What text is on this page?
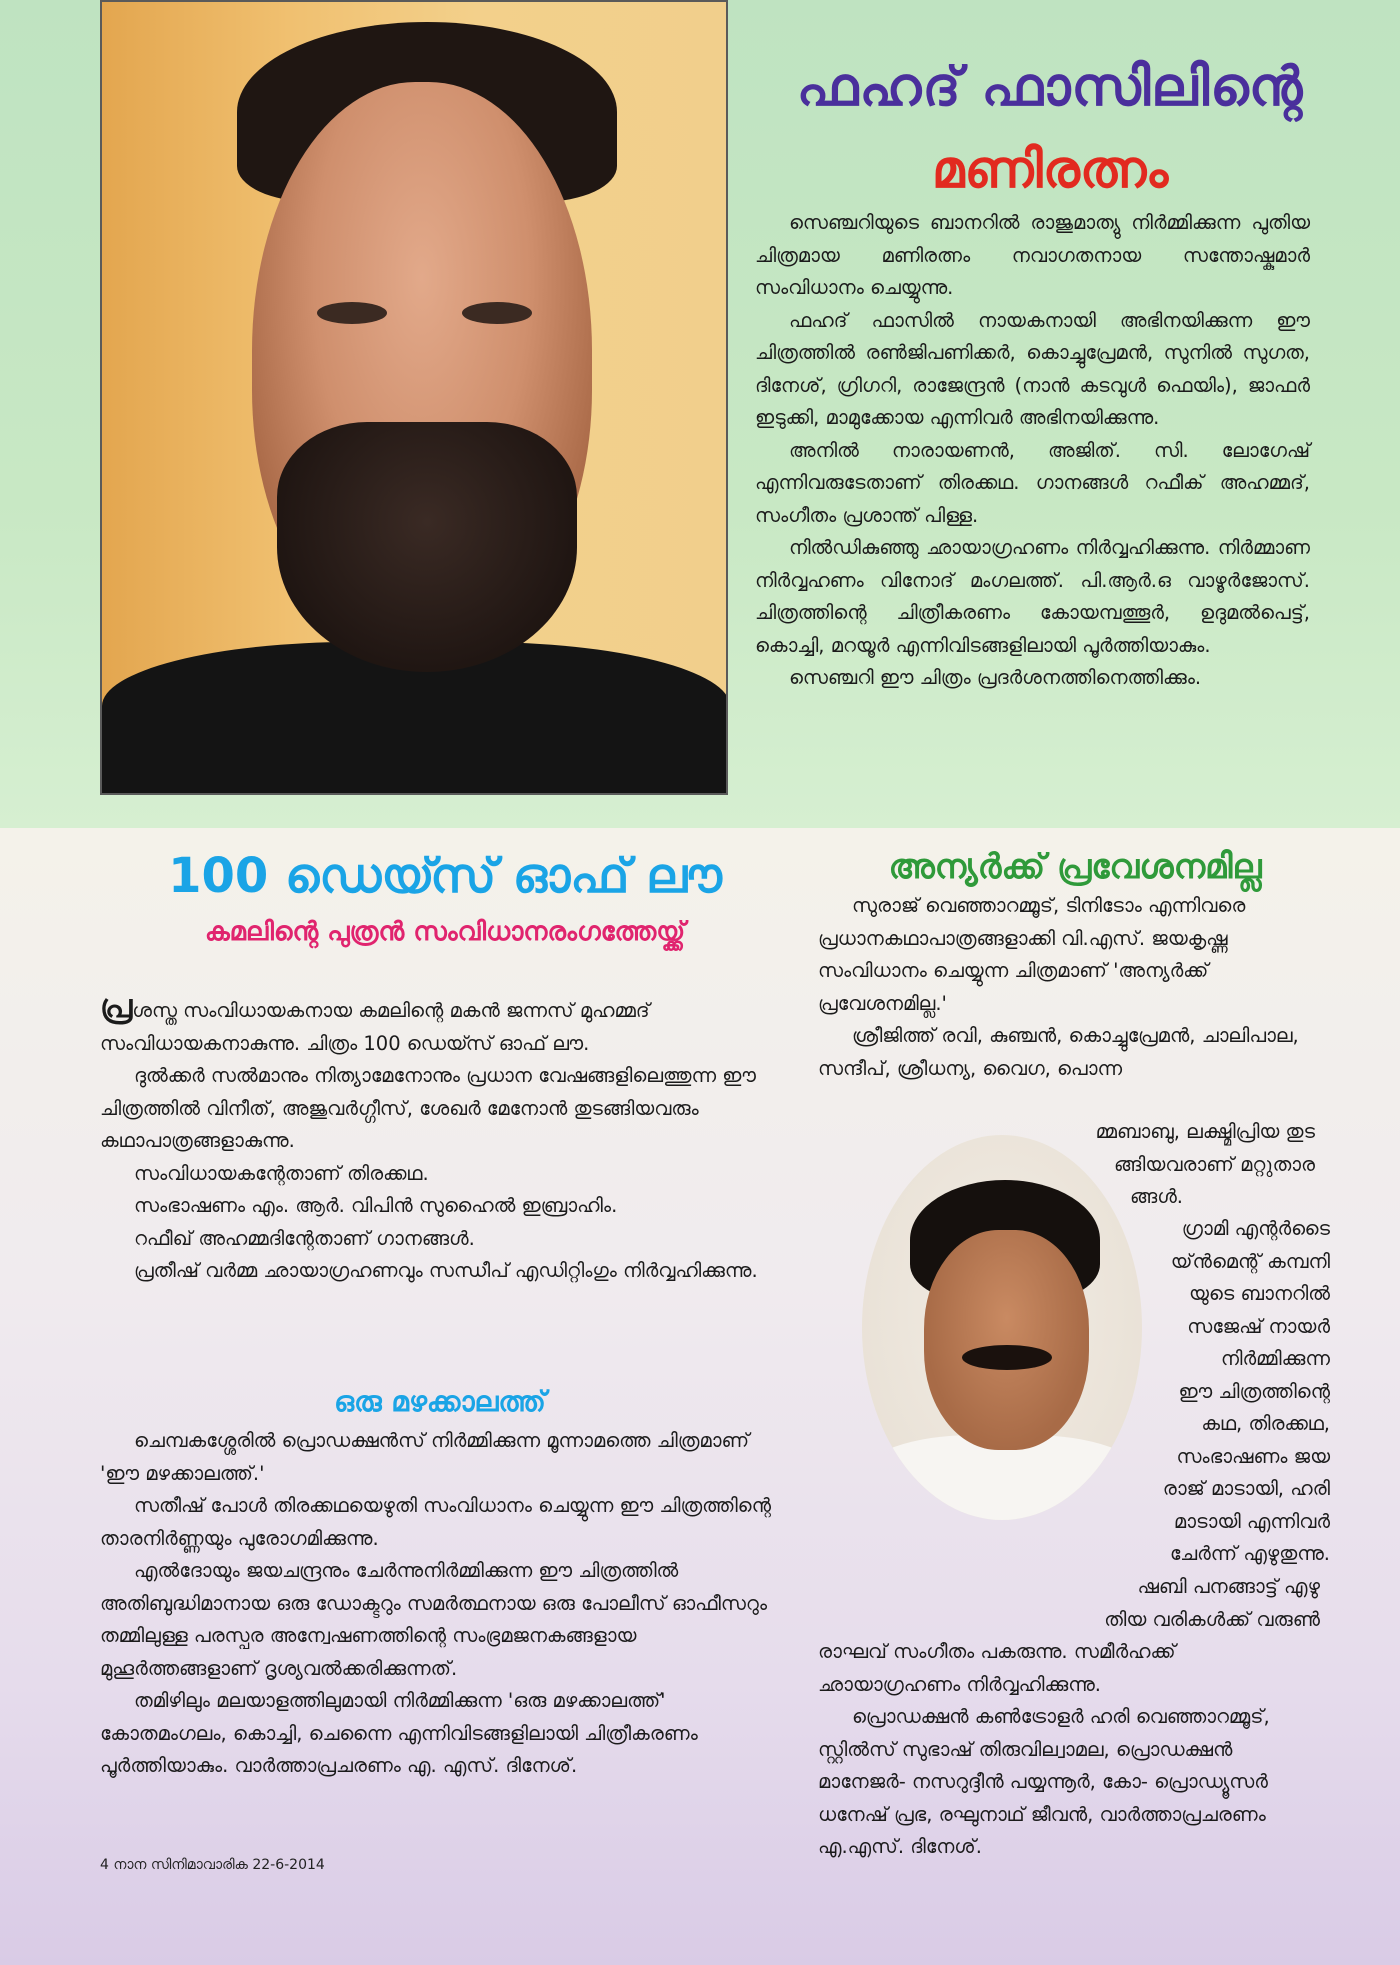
ഫഹദ് ഫാസിലിന്റെ
മണിരത്നം

സെഞ്ചറിയുടെ ബാനറിൽ രാജുമാത്യു നിർമ്മിക്കുന്ന പുതിയ ചിത്രമായ മണിരത്നം നവാഗതനായ സന്തോഷ്കുമാർ സംവിധാനം ചെയ്യുന്നു.

ഫഹദ് ഫാസിൽ നായകനായി അഭിനയിക്കുന്ന ഈ ചിത്രത്തിൽ രൺജിപണിക്കർ, കൊച്ചുപ്രേമൻ, സുനിൽ സുഗത, ദിനേശ്, ഗ്രിഗറി, രാജേന്ദ്രൻ (നാൻ കടവുൾ ഫെയിം), ജാഫർ ഇടുക്കി, മാമുക്കോയ എന്നിവർ അഭിനയിക്കുന്നു.

അനിൽ നാരായണൻ, അജിത്. സി. ലോഗേഷ് എന്നിവരുടേതാണ് തിരക്കഥ. ഗാനങ്ങൾ റഫീക് അഹമ്മദ്, സംഗീതം പ്രശാന്ത് പിള്ള.

നിൽഡികുഞ്ഞു ഛായാഗ്രഹണം നിർവ്വഹിക്കുന്നു. നിർമ്മാണ നിർവ്വഹണം വിനോദ് മംഗലത്ത്. പി.ആർ.ഒ വാഴൂർജോസ്. ചിത്രത്തിന്റെ ചിത്രീകരണം കോയമ്പത്തൂർ, ഉദുമൽപെട്ട്, കൊച്ചി, മറയൂർ എന്നിവിടങ്ങളിലായി പൂർത്തിയാകും.

സെഞ്ചറി ഈ ചിത്രം പ്രദർശനത്തിനെത്തിക്കും.

100 ഡെയ്സ് ഓഫ് ലൗ
കമലിന്റെ പുത്രൻ സംവിധാനരംഗത്തേയ്ക്ക്

പ്രശസ്ത സംവിധായകനായ കമലിന്റെ മകൻ ജന്നസ് മുഹമ്മദ് സംവിധായകനാകുന്നു. ചിത്രം 100 ഡെയ്സ് ഓഫ് ലൗ.

ദുൽക്കർ സൽമാനും നിത്യാമേനോനും പ്രധാന വേഷങ്ങളിലെത്തുന്ന ഈ ചിത്രത്തിൽ വിനീത്, അജുവർഗ്ഗീസ്, ശേഖർ മേനോൻ തുടങ്ങിയവരും കഥാപാത്രങ്ങളാകുന്നു.

സംവിധായകന്റേതാണ് തിരക്കഥ.

സംഭാഷണം എം. ആർ. വിപിൻ സുഹൈൽ ഇബ്രാഹിം.

റഫീഖ് അഹമ്മദിന്റേതാണ് ഗാനങ്ങൾ.

പ്രതീഷ് വർമ്മ ഛായാഗ്രഹണവും സന്ധീപ് എഡിറ്റിംഗും നിർവ്വഹിക്കുന്നു.

അന്യർക്ക് പ്രവേശനമില്ല

സുരാജ് വെഞ്ഞാറമ്മൂട്, ടിനിടോം എന്നിവരെ പ്രധാനകഥാപാത്രങ്ങളാക്കി വി.എസ്. ജയകൃഷ്ണ സംവിധാനം ചെയ്യുന്ന ചിത്രമാണ് 'അന്യർക്ക് പ്രവേശനമില്ല.'

ശ്രീജിത്ത് രവി, കുഞ്ചൻ, കൊച്ചുപ്രേമൻ, ചാലിപാല, സന്ദീപ്, ശ്രീധന്യ, വൈഗ, പൊന്ന

മ്മബാബു, ലക്ഷ്മിപ്രിയ തുട

ങ്ങിയവരാണ് മറ്റുതാര

ങ്ങൾ.

ഗ്രാമി എന്റർടൈ

യ്ൻമെന്റ് കമ്പനി

യുടെ ബാനറിൽ

സജേഷ് നായർ

നിർമ്മിക്കുന്ന

ഈ ചിത്രത്തിന്റെ

കഥ, തിരക്കഥ,

സംഭാഷണം ജയ

രാജ് മാടായി, ഹരി

മാടായി എന്നിവർ

ചേർന്ന് എഴുതുന്നു.

ഷബി പനങ്ങാട്ട് എഴു

തിയ വരികൾക്ക് വരുൺ

രാഘവ് സംഗീതം പകരുന്നു. സമീർഹക്ക് ഛായാഗ്രഹണം നിർവ്വഹിക്കുന്നു.

പ്രൊഡക്ഷൻ കൺട്രോളർ ഹരി വെഞ്ഞാറമ്മൂട്, സ്റ്റിൽസ് സുഭാഷ് തിരുവില്വാമല, പ്രൊഡക്ഷൻ മാനേജർ- നസറുദ്ദീൻ പയ്യന്നൂർ, കോ- പ്രൊഡ്യൂസർ ധനേഷ് പ്രഭ, രഘുനാഥ് ജീവൻ, വാർത്താപ്രചരണം എ.എസ്. ദിനേശ്.

ഒരു മഴക്കാലത്ത്

ചെമ്പകശ്ശേരിൽ പ്രൊഡക്ഷൻസ് നിർമ്മിക്കുന്ന മൂന്നാമത്തെ ചിത്രമാണ് 'ഈ മഴക്കാലത്ത്.'

സതീഷ് പോൾ തിരക്കഥയെഴുതി സംവിധാനം ചെയ്യുന്ന ഈ ചിത്രത്തിന്റെ താരനിർണ്ണയും പുരോഗമിക്കുന്നു.

എൽദോയും ജയചന്ദ്രനും ചേർന്നുനിർമ്മിക്കുന്ന ഈ ചിത്രത്തിൽ അതിബുദ്ധിമാനായ ഒരു ഡോക്ടറും സമർത്ഥനായ ഒരു പോലീസ് ഓഫീസറും തമ്മിലുള്ള പരസ്പര അന്വേഷണത്തിന്റെ സംഭ്രമജനകങ്ങളായ മുഹൂർത്തങ്ങളാണ് ദൃശ്യവൽക്കരിക്കുന്നത്.

തമിഴിലും മലയാളത്തിലുമായി നിർമ്മിക്കുന്ന 'ഒരു മഴക്കാലത്ത്' കോതമംഗലം, കൊച്ചി, ചെന്നൈ എന്നിവിടങ്ങളിലായി ചിത്രീകരണം പൂർത്തിയാകും. വാർത്താപ്രചരണം എ. എസ്. ദിനേശ്.

4 നാന സിനിമാവാരിക 22-6-2014
